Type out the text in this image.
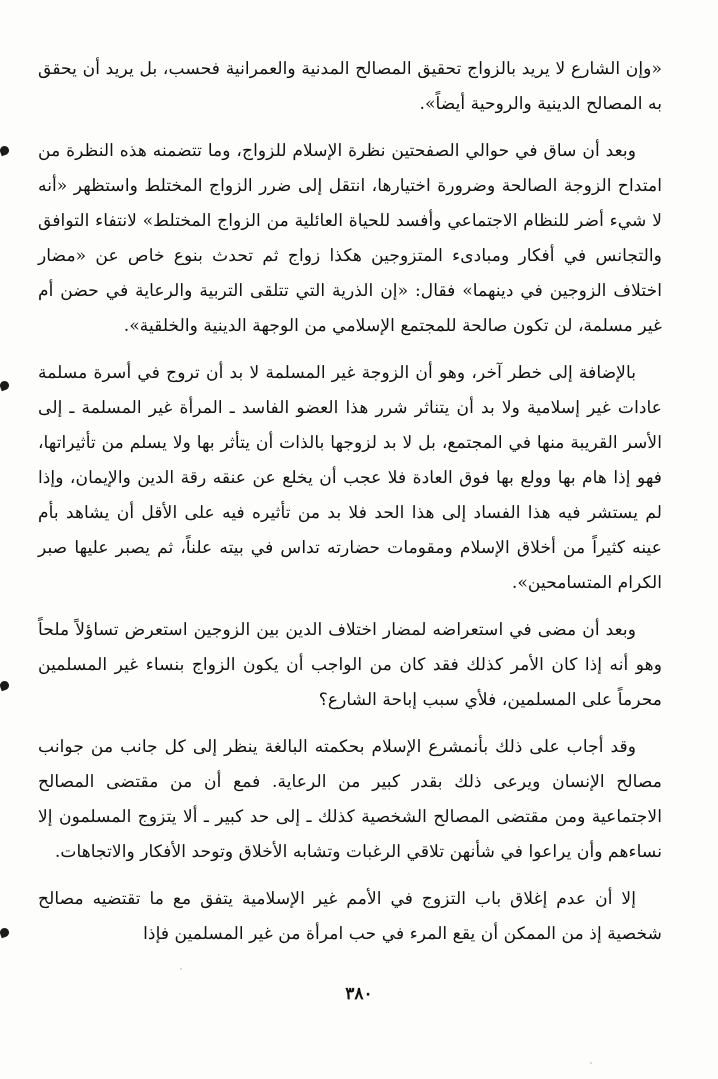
«وإن الشارع لا يريد بالزواج تحقيق المصالح المدنية والعمرانية فحسب، بل يريد أن يحقق به المصالح الدينية والروحية أيضاً».

وبعد أن ساق في حوالي الصفحتين نظرة الإسلام للزواج، وما تتضمنه هذه النظرة من امتداح الزوجة الصالحة وضرورة اختيارها، انتقل إلى ضرر الزواج المختلط واستظهر «أنه لا شيء أضر للنظام الاجتماعي وأفسد للحياة العائلية من الزواج المختلط» لانتفاء التوافق والتجانس في أفكار ومبادىء المتزوجين هكذا زواج ثم تحدث بنوع خاص عن «مضار اختلاف الزوجين في دينهما» فقال: «إن الذرية التي تتلقى التربية والرعاية في حضن أم غير مسلمة، لن تكون صالحة للمجتمع الإسلامي من الوجهة الدينية والخلقية».

بالإضافة إلى خطر آخر، وهو أن الزوجة غير المسلمة لا بد أن تروج في أسرة مسلمة عادات غير إسلامية ولا بد أن يتناثر شرر هذا العضو الفاسد ـ المرأة غير المسلمة ـ إلى الأسر القريبة منها في المجتمع، بل لا بد لزوجها بالذات أن يتأثر بها ولا يسلم من تأثيراتها، فهو إذا هام بها وولع بها فوق العادة فلا عجب أن يخلع عن عنقه رقة الدين والإيمان، وإذا لم يستشر فيه هذا الفساد إلى هذا الحد فلا بد من تأثيره فيه على الأقل أن يشاهد بأم عينه كثيراً من أخلاق الإسلام ومقومات حضارته تداس في بيته علناً، ثم يصبر عليها صبر الكرام المتسامحين».

وبعد أن مضى في استعراضه لمضار اختلاف الدين بين الزوجين استعرض تساؤلاً ملحاً وهو أنه إذا كان الأمر كذلك فقد كان من الواجب أن يكون الزواج بنساء غير المسلمين محرماً على المسلمين، فلأي سبب إباحة الشارع؟

وقد أجاب على ذلك بأنمشرع الإسلام بحكمته البالغة ينظر إلى كل جانب من جوانب مصالح الإنسان ويرعى ذلك بقدر كبير من الرعاية. فمع أن من مقتضى المصالح الاجتماعية ومن مقتضى المصالح الشخصية كذلك ـ إلى حد كبير ـ ألا يتزوج المسلمون إلا نساءهم وأن يراعوا في شأنهن تلاقي الرغبات وتشابه الأخلاق وتوحد الأفكار والاتجاهات.

إلا أن عدم إغلاق باب التزوج في الأمم غير الإسلامية يتفق مع ما تقتضيه مصالح شخصية إذ من الممكن أن يقع المرء في حب امرأة من غير المسلمين فإذا

٣٨٠
